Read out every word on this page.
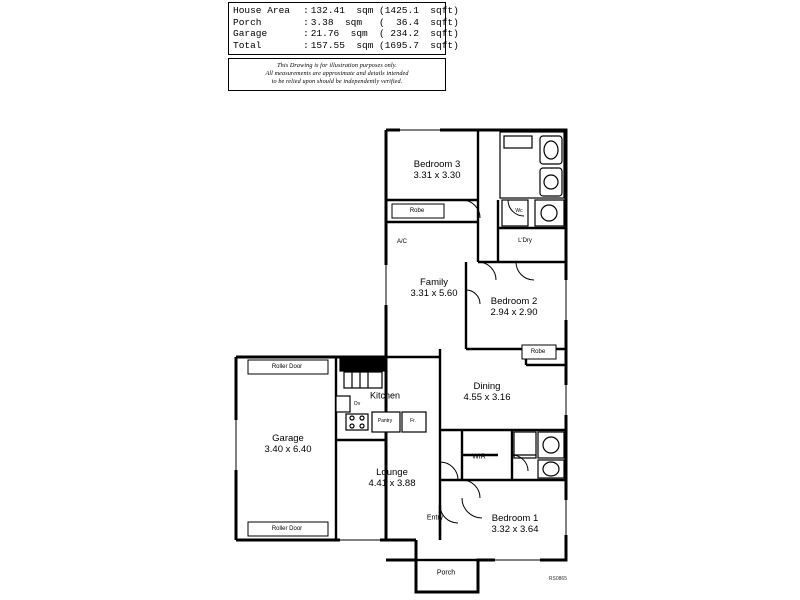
House Area	: 132.41  sqm (1425.1  sqft)
Porch	: 3.38  sqm	(  36.4  sqft)
Garage	: 21.76  sqm	( 234.2  sqft)
Total	: 157.55  sqm (1695.7  sqft)
This Drawing is for illustration purposes only.
All measurements are approximate and details intended
to be relied upon should be independently verified.
Bedroom 3
3.31 x 3.30
Family
3.31 x 5.60
Bedroom 2
2.94 x 2.90
Dining
4.55 x 3.16
Kitchen
Garage
3.40 x 6.40
Lounge
4.41 x 3.88
Bedroom 1
3.32 x 3.64
Robe	Wc
L'Dry
A/C
Robe
WIR
Pantry	Fr.
Ov
Entry
Porch
Roller Door
Roller Door
RS0865
